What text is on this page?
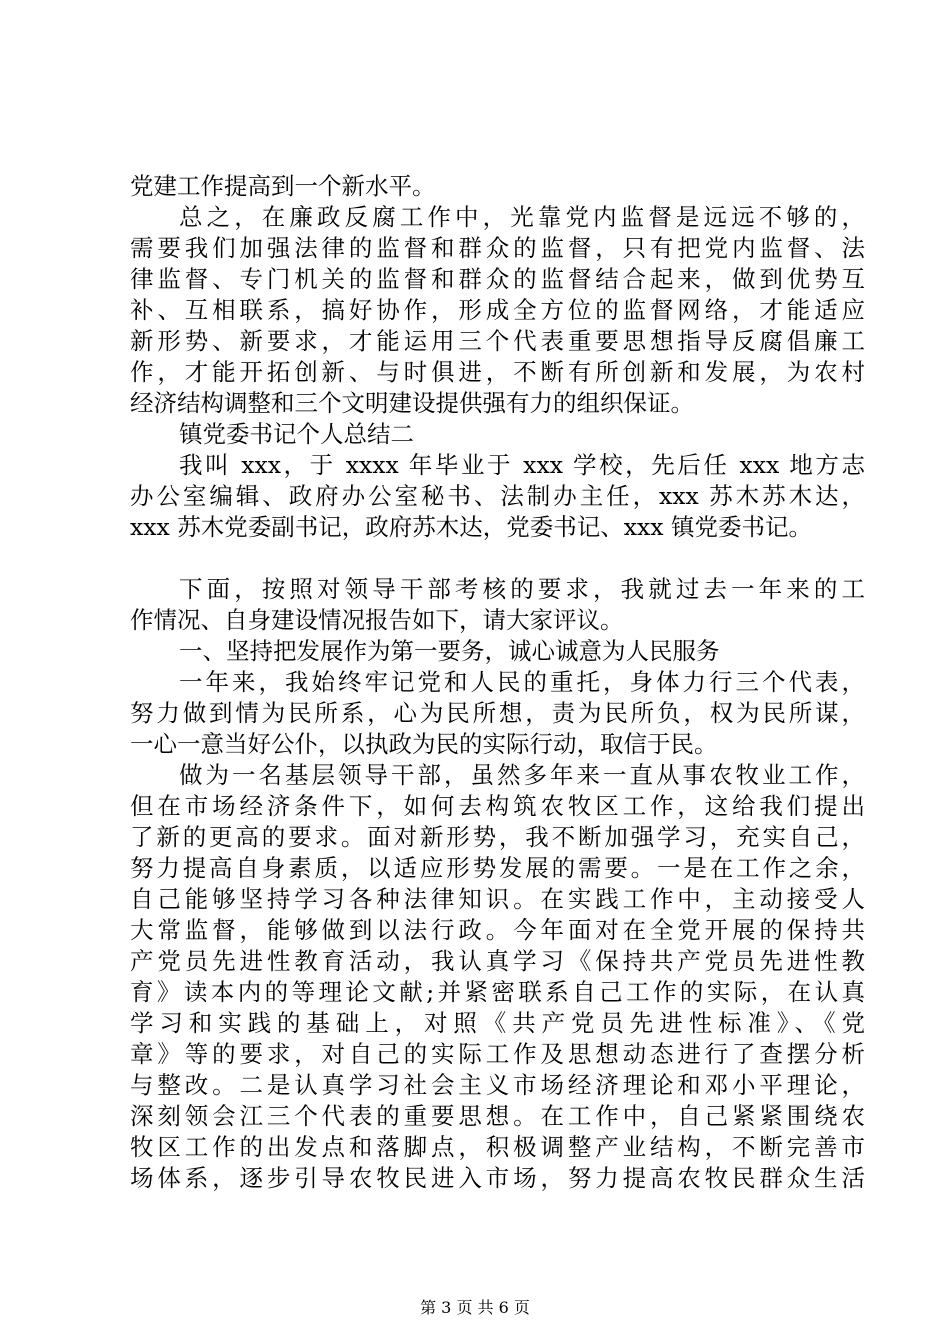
党建工作提高到一个新水平。
总之，在廉政反腐工作中，光靠党内监督是远远不够的，
需要我们加强法律的监督和群众的监督，只有把党内监督、法
律监督、专门机关的监督和群众的监督结合起来，做到优势互
补、互相联系，搞好协作，形成全方位的监督网络，才能适应
新形势、新要求，才能运用三个代表重要思想指导反腐倡廉工
作，才能开拓创新、与时俱进，不断有所创新和发展，为农村
经济结构调整和三个文明建设提供强有力的组织保证。
镇党委书记个人总结二
我叫 xxx，于 xxxx 年毕业于 xxx 学校，先后任 xxx 地方志
办公室编辑、政府办公室秘书、法制办主任，xxx 苏木苏木达，
xxx 苏木党委副书记，政府苏木达，党委书记、xxx 镇党委书记。
下面，按照对领导干部考核的要求，我就过去一年来的工
作情况、自身建设情况报告如下，请大家评议。
一、坚持把发展作为第一要务，诚心诚意为人民服务
一年来，我始终牢记党和人民的重托，身体力行三个代表，
努力做到情为民所系，心为民所想，责为民所负，权为民所谋，
一心一意当好公仆，以执政为民的实际行动，取信于民。
做为一名基层领导干部，虽然多年来一直从事农牧业工作，
但在市场经济条件下，如何去构筑农牧区工作，这给我们提出
了新的更高的要求。面对新形势，我不断加强学习，充实自己，
努力提高自身素质，以适应形势发展的需要。一是在工作之余，
自己能够坚持学习各种法律知识。在实践工作中，主动接受人
大常监督，能够做到以法行政。今年面对在全党开展的保持共
产党员先进性教育活动，我认真学习《保持共产党员先进性教
育》读本内的等理论文献;并紧密联系自己工作的实际，在认真
学习和实践的基础上，对照《共产党员先进性标准》、《党
章》等的要求，对自己的实际工作及思想动态进行了查摆分析
与整改。二是认真学习社会主义市场经济理论和邓小平理论，
深刻领会江三个代表的重要思想。在工作中，自己紧紧围绕农
牧区工作的出发点和落脚点，积极调整产业结构，不断完善市
场体系，逐步引导农牧民进入市场，努力提高农牧民群众生活
第 3 页 共 6 页
